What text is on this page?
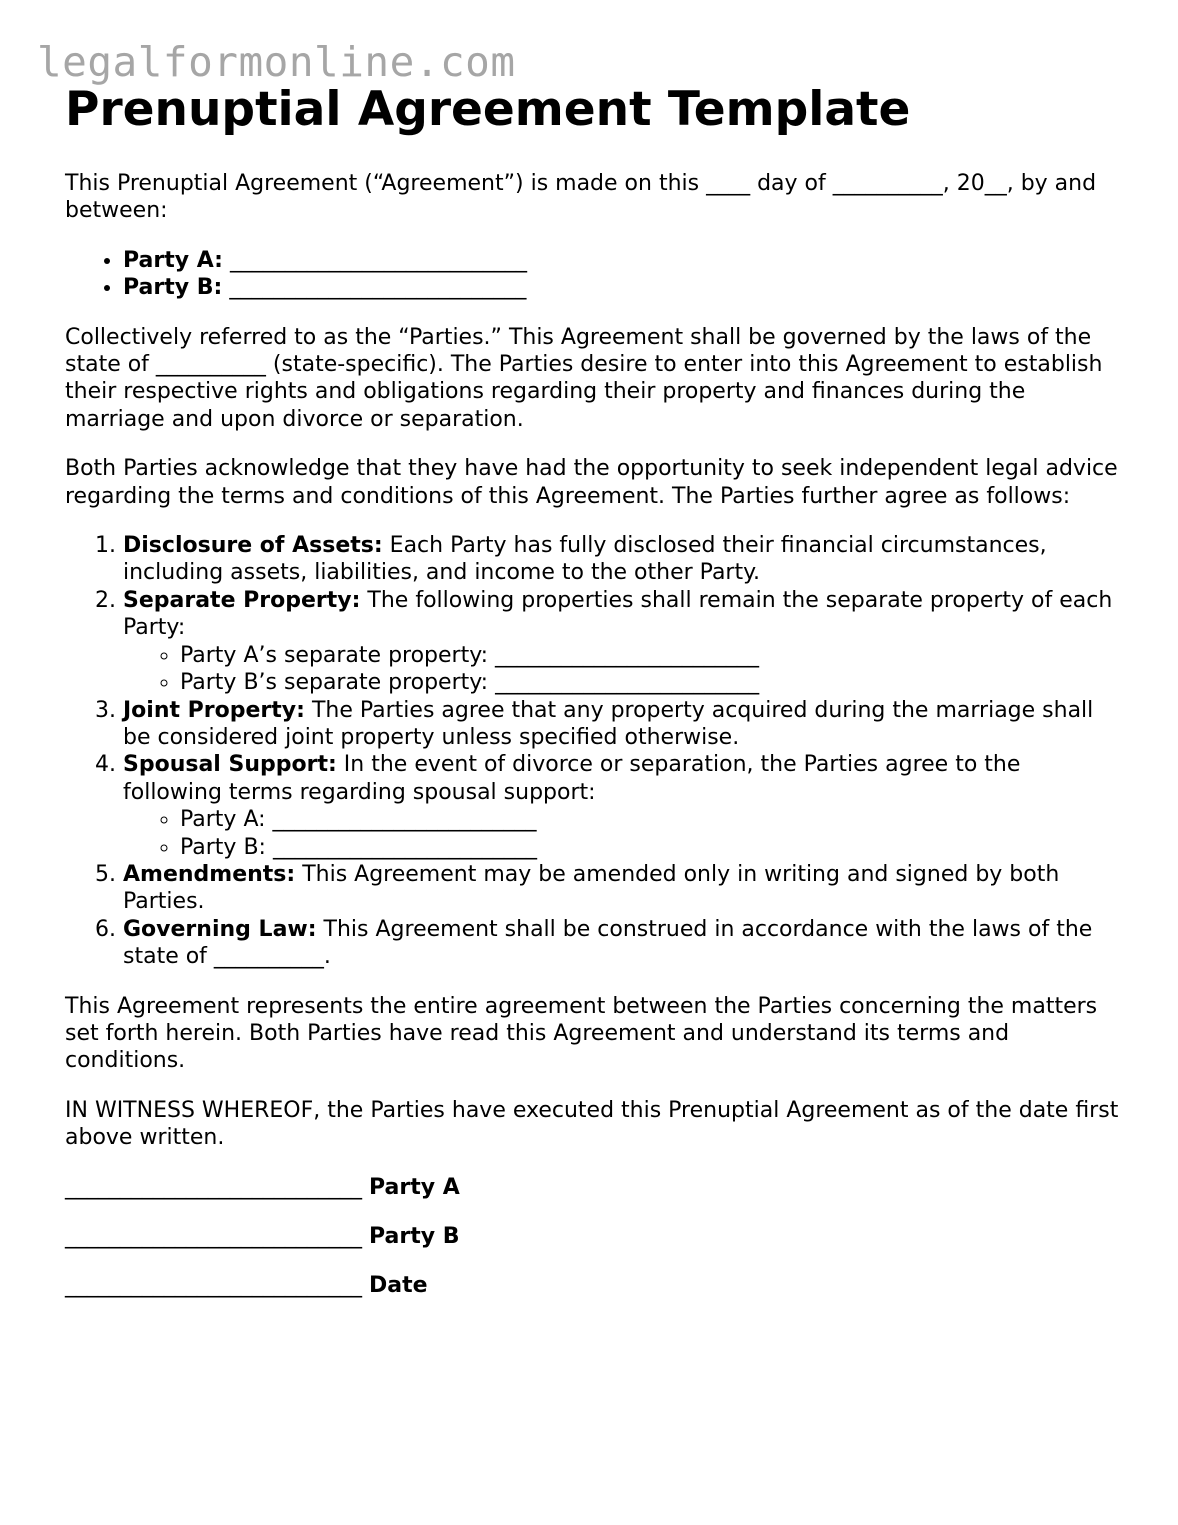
legalformonline.com
Prenuptial Agreement Template

This Prenuptial Agreement (“Agreement”) is made on this ____ day of __________, 20__, by and between:

• Party A: ___________________________
• Party B: ___________________________

Collectively referred to as the “Parties.” This Agreement shall be governed by the laws of the state of __________ (state-specific). The Parties desire to enter into this Agreement to establish their respective rights and obligations regarding their property and finances during the marriage and upon divorce or separation.

Both Parties acknowledge that they have had the opportunity to seek independent legal advice regarding the terms and conditions of this Agreement. The Parties further agree as follows:

1. Disclosure of Assets: Each Party has fully disclosed their financial circumstances, including assets, liabilities, and income to the other Party.
2. Separate Property: The following properties shall remain the separate property of each Party:
◦ Party A’s separate property: ________________________
◦ Party B’s separate property: ________________________
3. Joint Property: The Parties agree that any property acquired during the marriage shall be considered joint property unless specified otherwise.
4. Spousal Support: In the event of divorce or separation, the Parties agree to the following terms regarding spousal support:
◦ Party A: ________________________
◦ Party B: ________________________
5. Amendments: This Agreement may be amended only in writing and signed by both Parties.
6. Governing Law: This Agreement shall be construed in accordance with the laws of the state of __________.

This Agreement represents the entire agreement between the Parties concerning the matters set forth herein. Both Parties have read this Agreement and understand its terms and conditions.

IN WITNESS WHEREOF, the Parties have executed this Prenuptial Agreement as of the date first above written.

___________________________ Party A
___________________________ Party B
___________________________ Date
